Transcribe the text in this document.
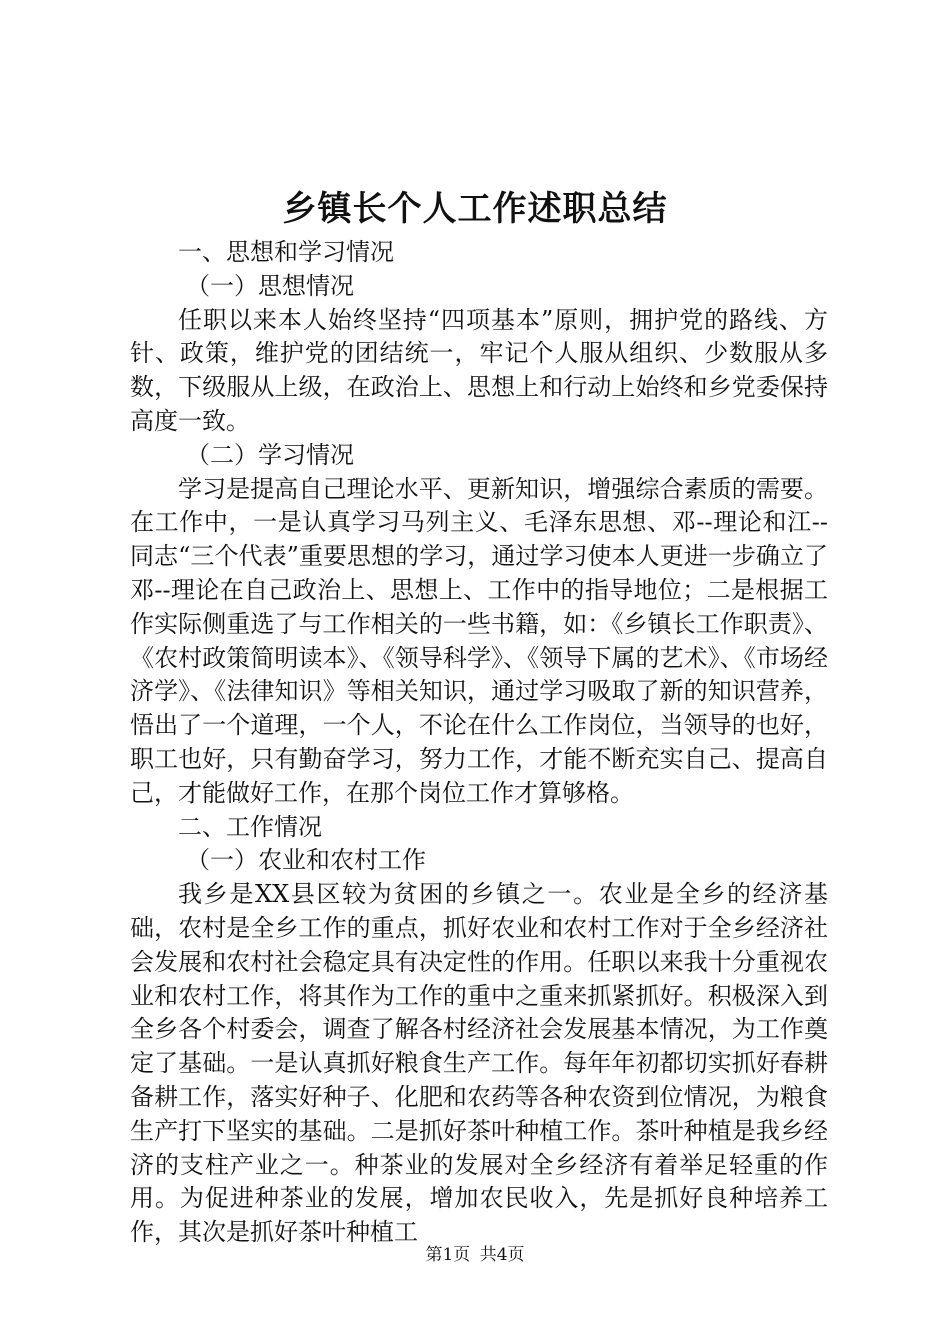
乡镇长个人工作述职总结

一、思想和学习情况

（一）思想情况

任职以来本人始终坚持“四项基本”原则，拥护党的路线、方针、政策，维护党的团结统一，牢记个人服从组织、少数服从多数，下级服从上级，在政治上、思想上和行动上始终和乡党委保持高度一致。

（二）学习情况

学习是提高自己理论水平、更新知识，增强综合素质的需要。在工作中，一是认真学习马列主义、毛泽东思想、邓--理论和江--同志“三个代表”重要思想的学习，通过学习使本人更进一步确立了邓--理论在自己政治上、思想上、工作中的指导地位；二是根据工作实际侧重选了与工作相关的一些书籍，如：《乡镇长工作职责》、《农村政策简明读本》、《领导科学》、《领导下属的艺术》、《市场经济学》、《法律知识》等相关知识，通过学习吸取了新的知识营养，悟出了一个道理，一个人，不论在什么工作岗位，当领导的也好，职工也好，只有勤奋学习，努力工作，才能不断充实自己、提高自己，才能做好工作，在那个岗位工作才算够格。

二、工作情况

（一）农业和农村工作

我乡是XX县区较为贫困的乡镇之一。农业是全乡的经济基础，农村是全乡工作的重点，抓好农业和农村工作对于全乡经济社会发展和农村社会稳定具有决定性的作用。任职以来我十分重视农业和农村工作，将其作为工作的重中之重来抓紧抓好。积极深入到全乡各个村委会，调查了解各村经济社会发展基本情况，为工作奠定了基础。一是认真抓好粮食生产工作。每年年初都切实抓好春耕备耕工作，落实好种子、化肥和农药等各种农资到位情况，为粮食生产打下坚实的基础。二是抓好茶叶种植工作。茶叶种植是我乡经济的支柱产业之一。种茶业的发展对全乡经济有着举足轻重的作用。为促进种茶业的发展，增加农民收入，先是抓好良种培养工作，其次是抓好茶叶种植工

第1页 共4页
